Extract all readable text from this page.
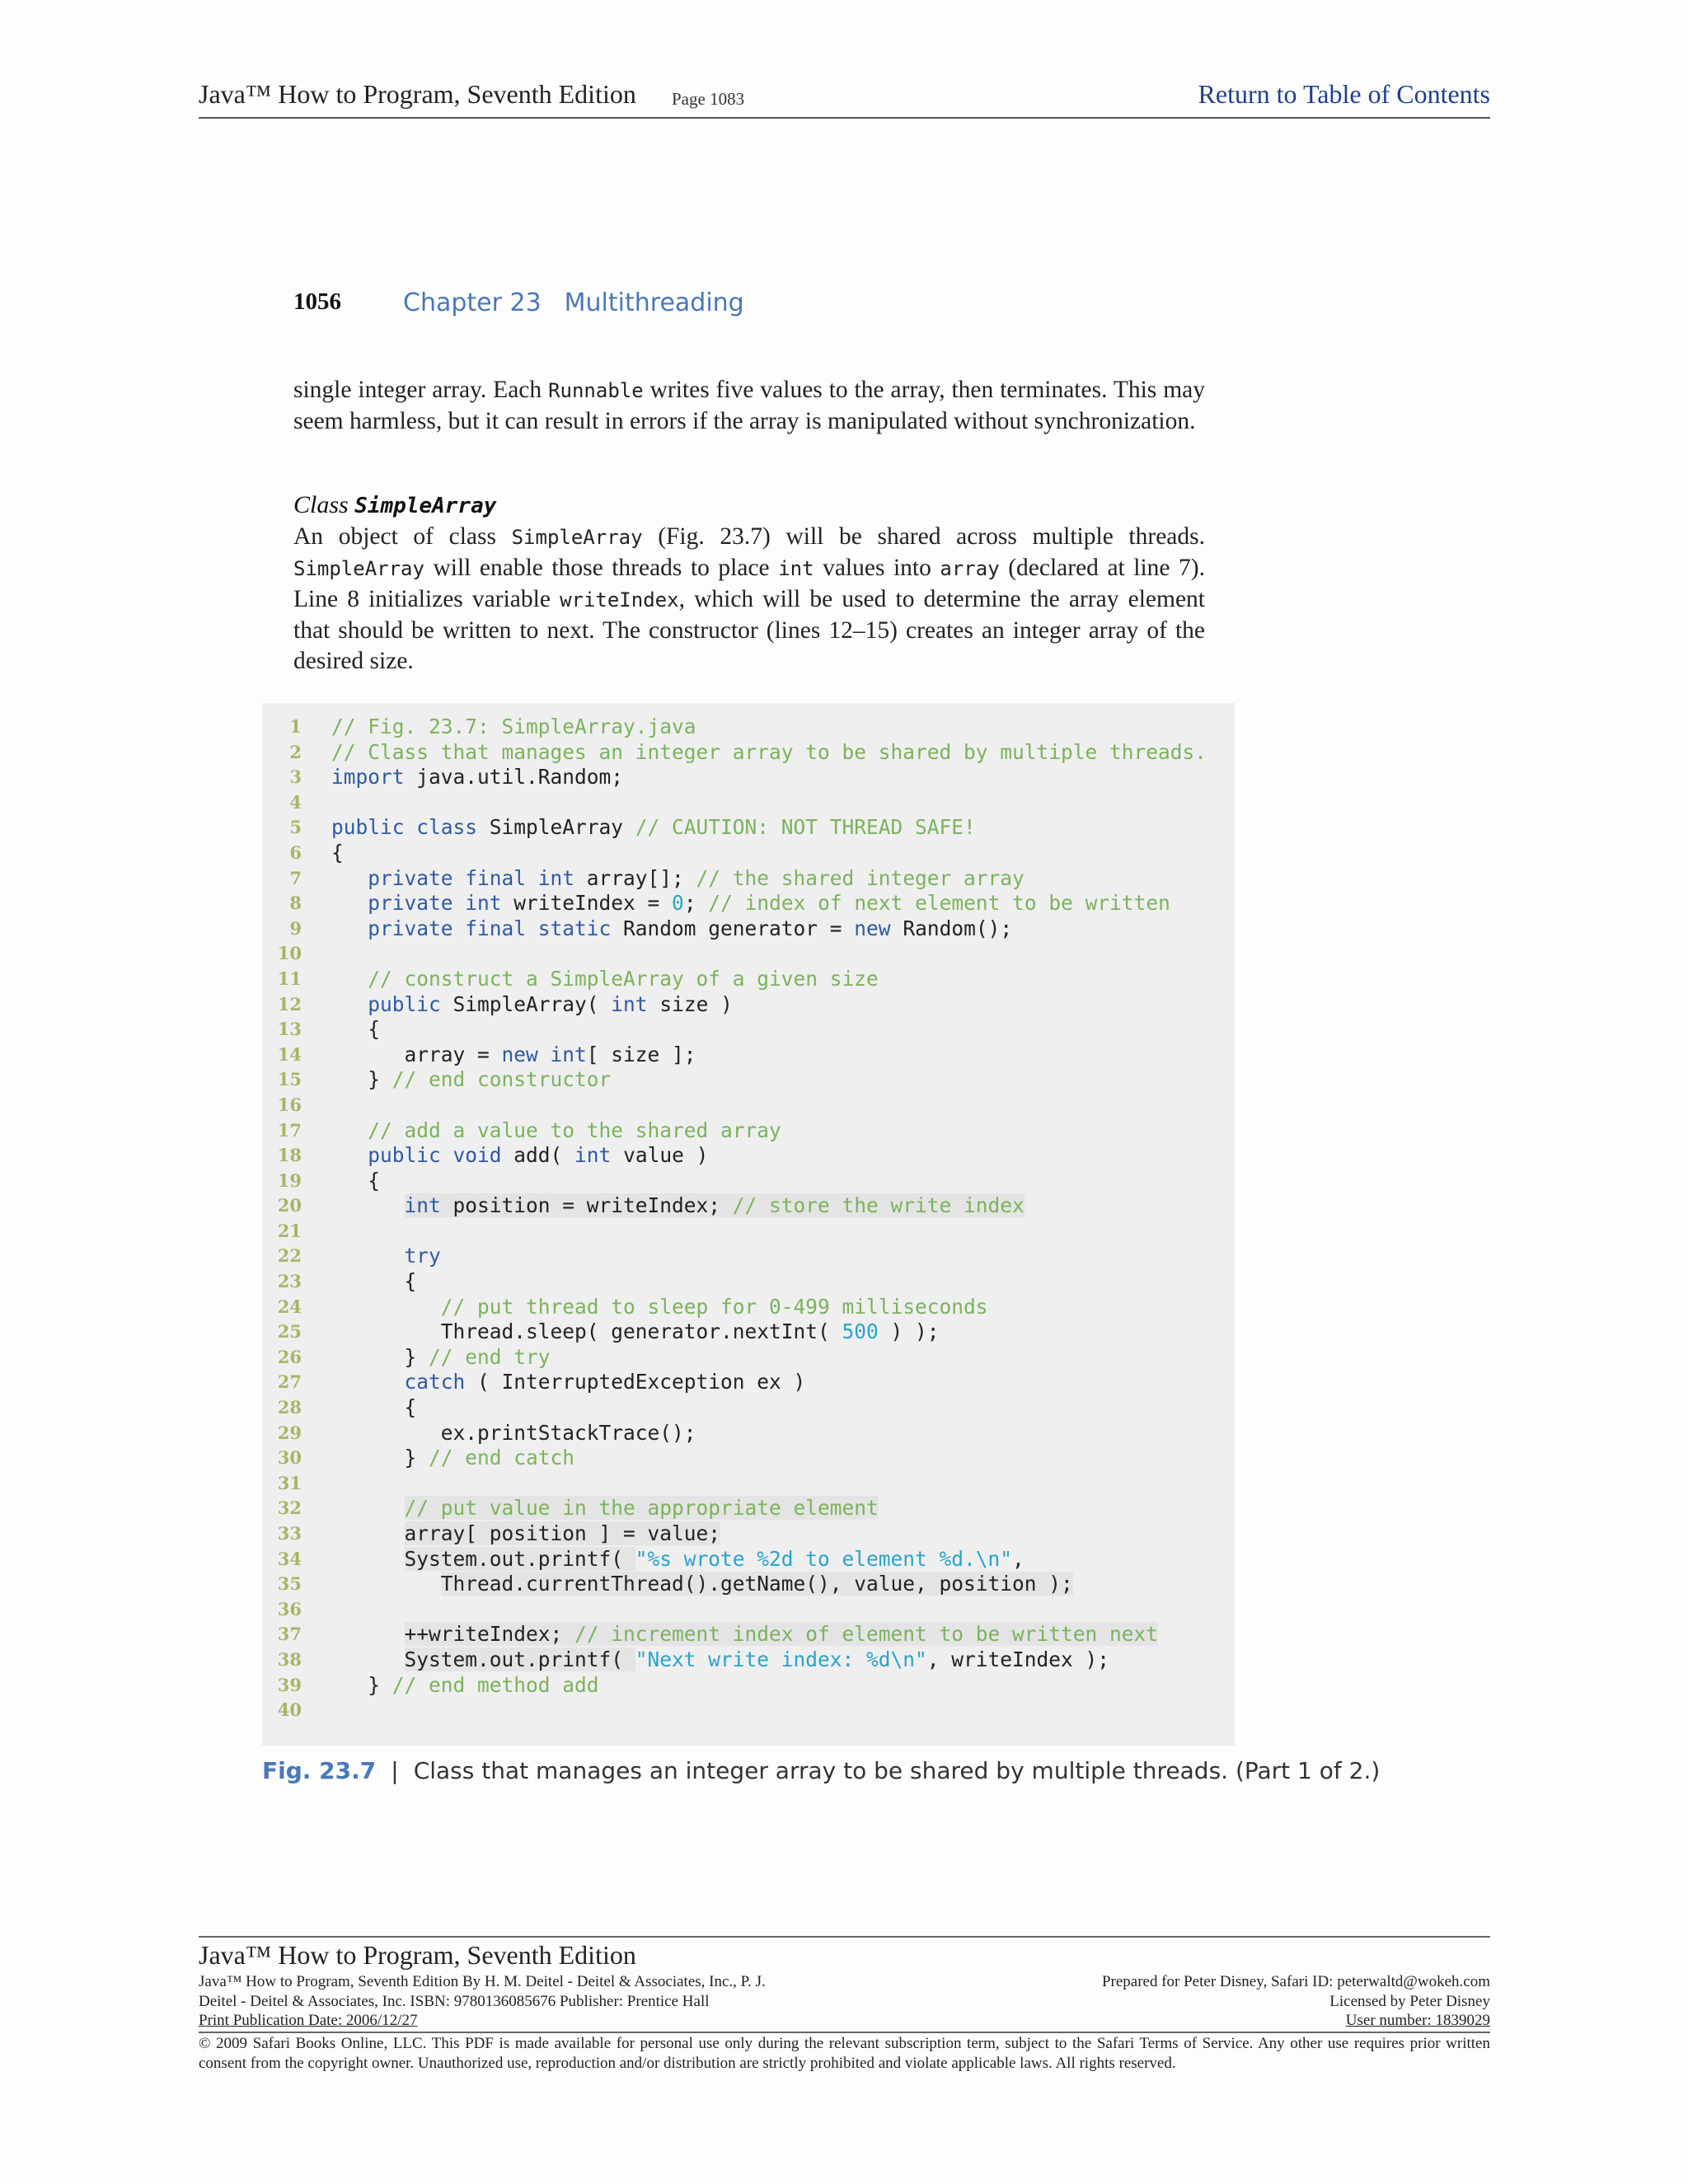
Java™ How to Program, Seventh Edition Page 1083	Return to Table of Contents
1056	Chapter 23 Multithreading

single integer array. Each Runnable writes five values to the array, then terminates. This may seem harmless, but it can result in errors if the array is manipulated without synchronization.

Class SimpleArray

An object of class SimpleArray (Fig. 23.7) will be shared across multiple threads. SimpleArray will enable those threads to place int values into array (declared at line 7). Line 8 initializes variable writeIndex, which will be used to determine the array element that should be written to next. The constructor (lines 12–15) creates an integer array of the desired size.

1 // Fig. 23.7: SimpleArray.java
2 // Class that manages an integer array to be shared by multiple threads.
3 import java.util.Random;
4
5 public class SimpleArray // CAUTION: NOT THREAD SAFE!
6 {
7	private final int array[]; // the shared integer array
8	private int writeIndex = 0; // index of next element to be written
9	private final static Random generator = new Random();
10
11	// construct a SimpleArray of a given size
12	public SimpleArray( int size )
13 {
14 array = new int[ size ];
15 } // end constructor
16
17	// add a value to the shared array
18	public void add( int value )
19 {
20	int position = writeIndex; // store the write index
21
22	try
23 {
24	// put thread to sleep for 0-499 milliseconds
25 Thread.sleep( generator.nextInt( 500 ) );
26 } // end try
27	catch ( InterruptedException ex )
28 {
29 ex.printStackTrace();
30 } // end catch
31
32	// put value in the appropriate element
33	array[ position ] = value;
34	System.out.printf( "%s wrote %2d to element %d.\n",
35	Thread.currentThread().getName(), value, position );
36
37	++writeIndex; // increment index of element to be written next
38	System.out.printf( "Next write index: %d\n", writeIndex );
39 } // end method add
40
Fig. 23.7 | Class that manages an integer array to be shared by multiple threads. (Part 1 of 2.)
Java™ How to Program, Seventh Edition
Java™ How to Program, Seventh Edition By H. M. Deitel - Deitel & Associates, Inc., P. J.
Deitel - Deitel & Associates, Inc. ISBN: 9780136085676 Publisher: Prentice Hall
Print Publication Date: 2006/12/27
Prepared for Peter Disney, Safari ID: peterwaltd@wokeh.com
Licensed by Peter Disney
User number: 1839029
© 2009 Safari Books Online, LLC. This PDF is made available for personal use only during the relevant subscription term, subject to the Safari Terms of Service. Any other use requires prior written consent from the copyright owner. Unauthorized use, reproduction and/or distribution are strictly prohibited and violate applicable laws. All rights reserved.
